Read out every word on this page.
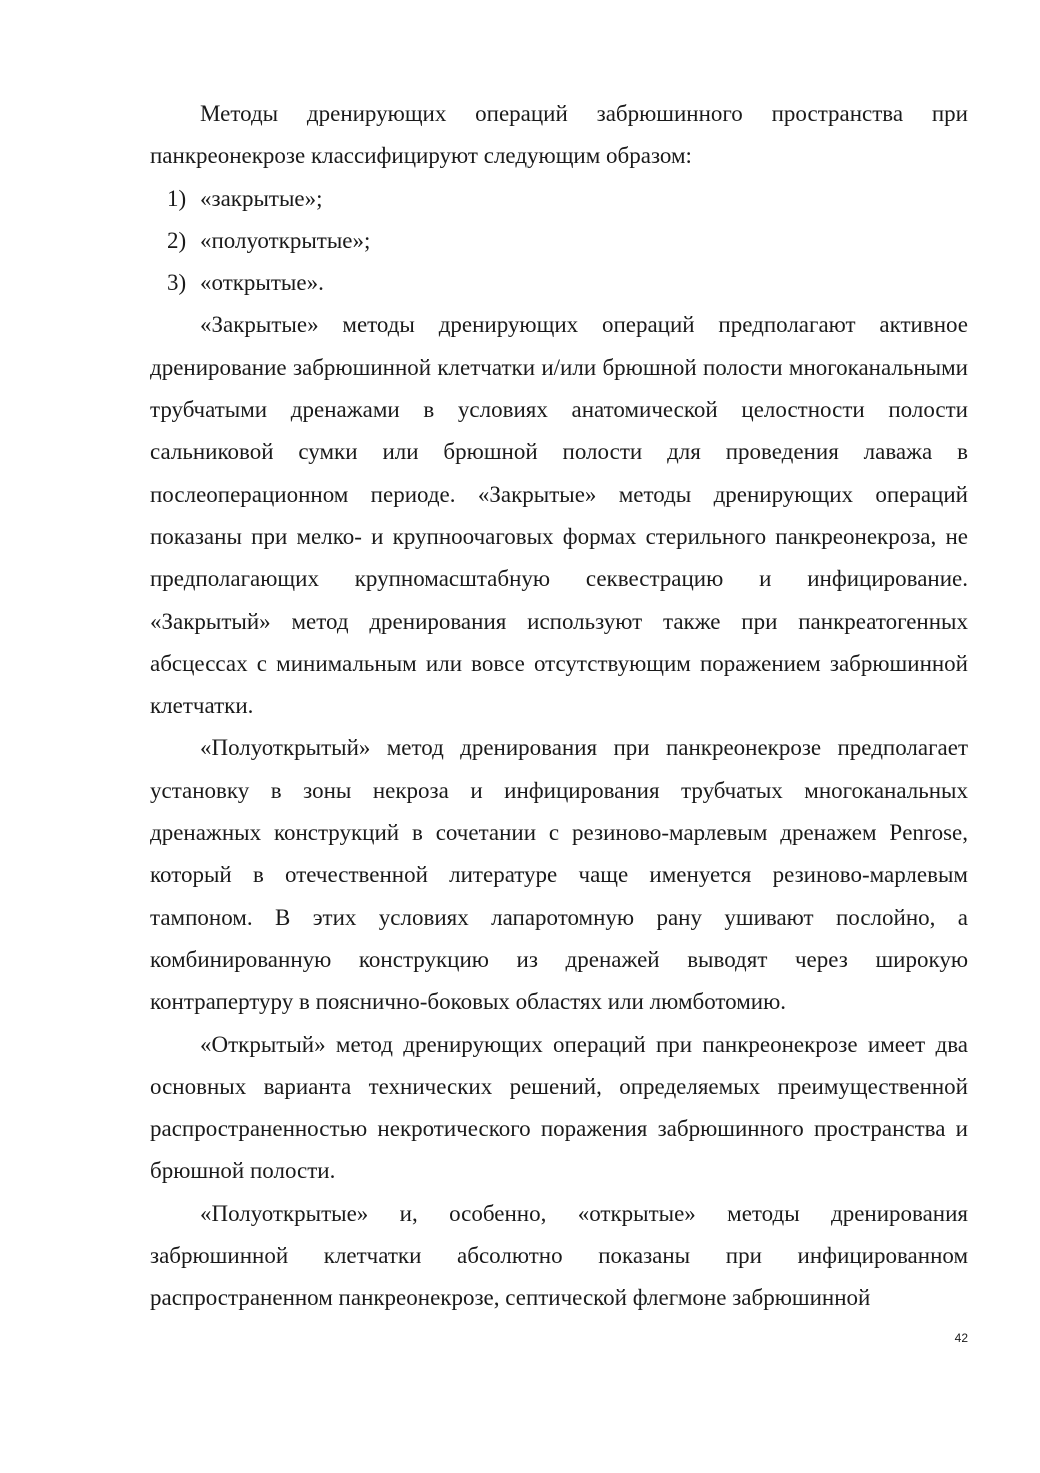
Методы дренирующих операций забрюшинного пространства при панкреонекрозе классифицируют следующим образом:

1) «закрытые»;
2) «полуоткрытые»;
3) «открытые».

«Закрытые» методы дренирующих операций предполагают активное дренирование забрюшинной клетчатки и/или брюшной полости многоканальными трубчатыми дренажами в условиях анатомической целостности полости сальниковой сумки или брюшной полости для проведения лаважа в послеоперационном периоде. «Закрытые» методы дренирующих операций показаны при мелко- и крупноочаговых формах стерильного панкреонекроза, не предполагающих крупномасштабную секвестрацию и инфицирование. «Закрытый» метод дренирования используют также при панкреатогенных абсцессах с минимальным или вовсе отсутствующим поражением забрюшинной клетчатки.

«Полуоткрытый» метод дренирования при панкреонекрозе предполагает установку в зоны некроза и инфицирования трубчатых многоканальных дренажных конструкций в сочетании с резиново-марлевым дренажем Penrose, который в отечественной литературе чаще именуется резиново-марлевым тампоном. В этих условиях лапаротомную рану ушивают послойно, а комбинированную конструкцию из дренажей выводят через широкую контрапертуру в пояснично-боковых областях или люмботомию.

«Открытый» метод дренирующих операций при панкреонекрозе имеет два основных варианта технических решений, определяемых преимущественной распространенностью некротического поражения забрюшинного пространства и брюшной полости.

«Полуоткрытые» и, особенно, «открытые» методы дренирования забрюшинной клетчатки абсолютно показаны при инфицированном распространенном панкреонекрозе, септической флегмоне забрюшинной

42
